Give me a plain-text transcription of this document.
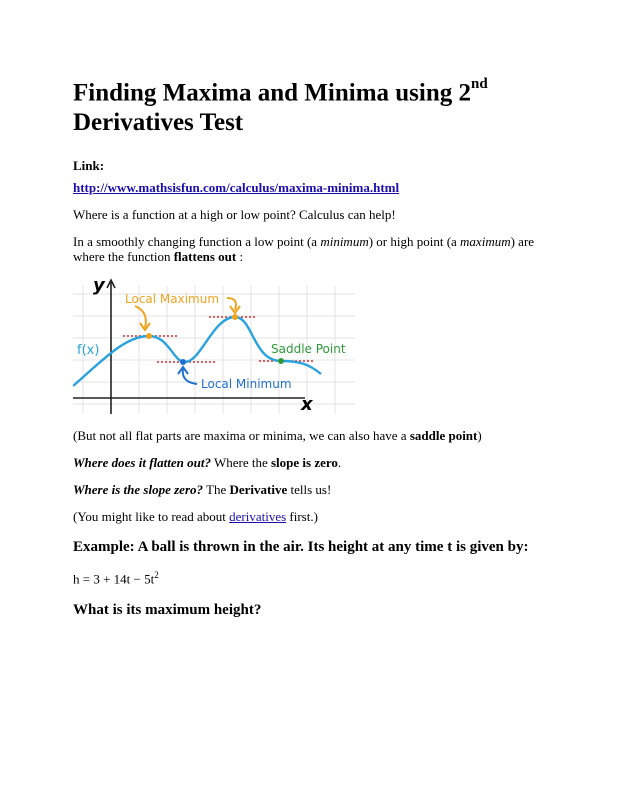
Finding Maxima and Minima using 2nd
Derivatives Test

Link:

http://www.mathsisfun.com/calculus/maxima-minima.html

Where is a function at a high or low point? Calculus can help!

In a smoothly changing function a low point (a minimum) or high point (a maximum) are where the function flattens out :

y
x
f(x)
Local Maximum
Local Minimum
Saddle Point

(But not all flat parts are maxima or minima, we can also have a saddle point)

Where does it flatten out? Where the slope is zero.

Where is the slope zero? The Derivative tells us!

(You might like to read about derivatives first.)

Example: A ball is thrown in the air. Its height at any time t is given by:

$h = 3 + 14t - 5t^2$

What is its maximum height?
